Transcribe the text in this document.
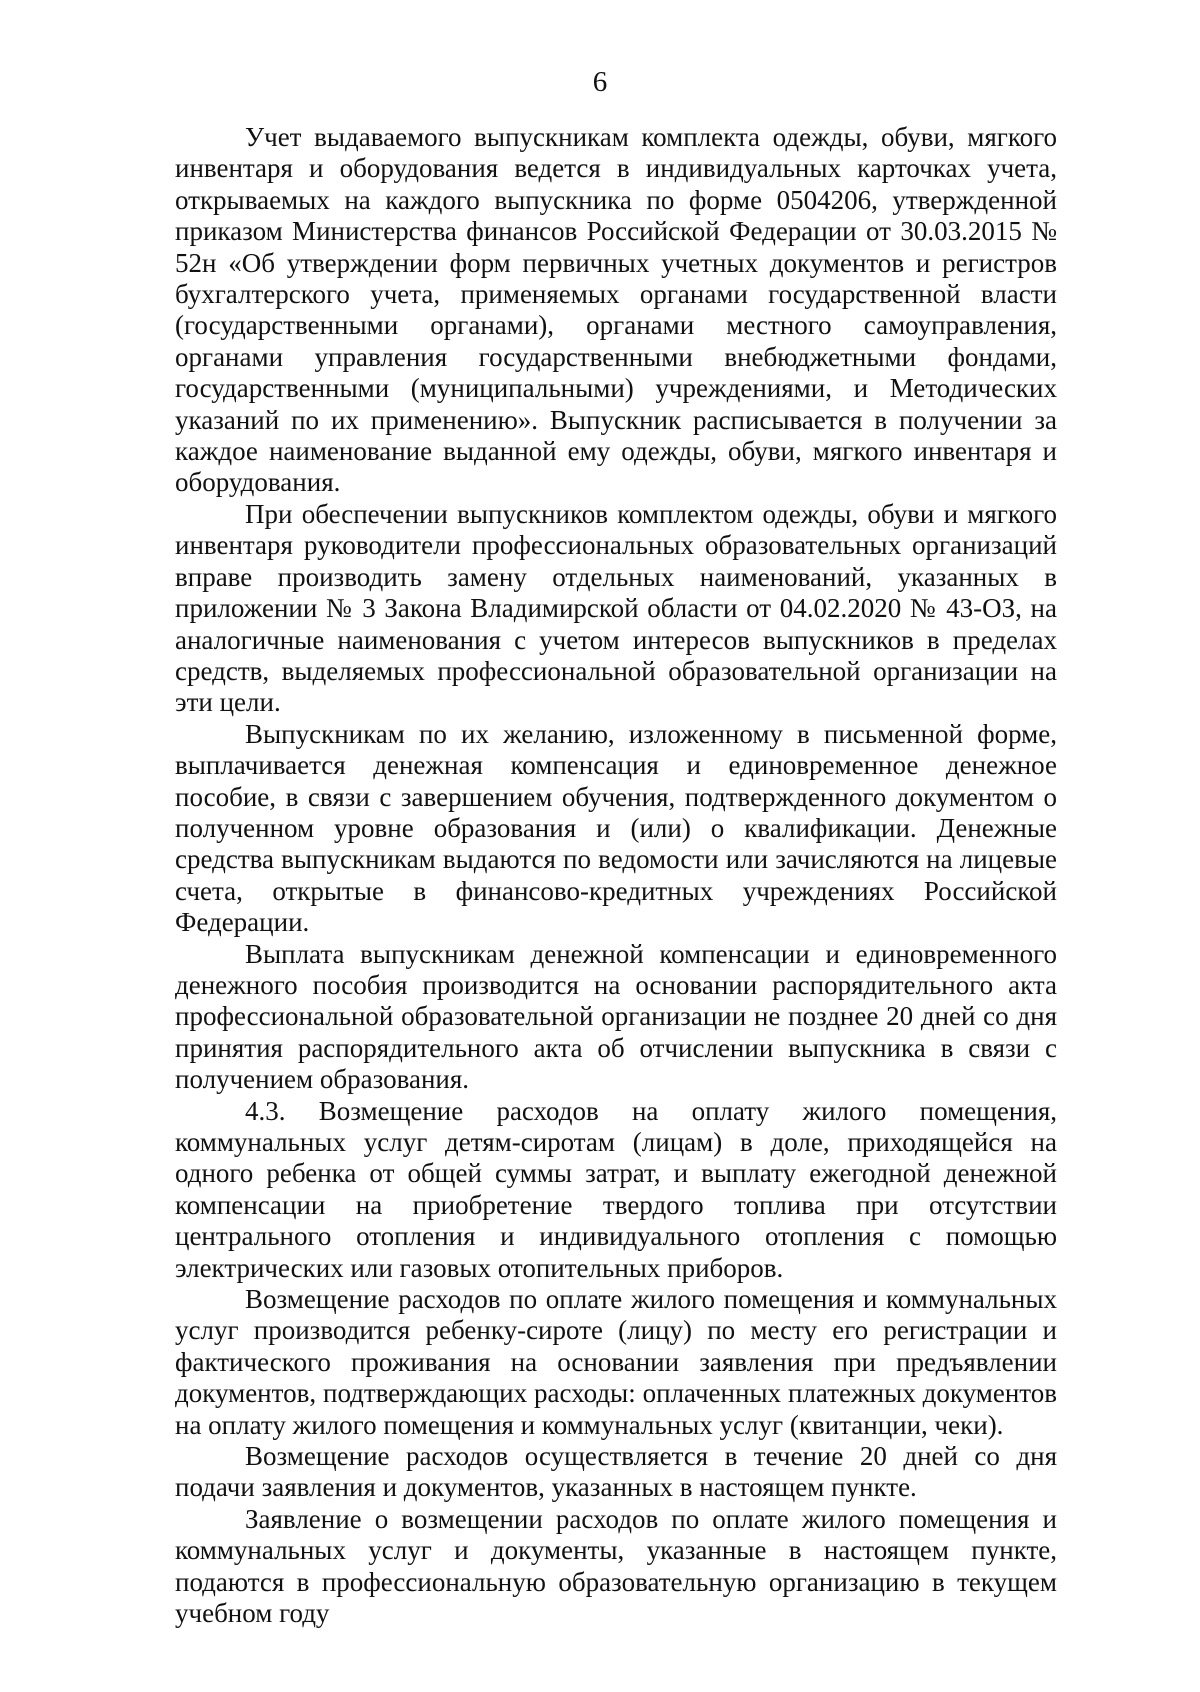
6

Учет выдаваемого выпускникам комплекта одежды, обуви, мягкого инвентаря и оборудования ведется в индивидуальных карточках учета, открываемых на каждого выпускника по форме 0504206, утвержденной приказом Министерства финансов Российской Федерации от 30.03.2015 № 52н «Об утверждении форм первичных учетных документов и регистров бухгалтерского учета, применяемых органами государственной власти (государственными органами), органами местного самоуправления, органами управления государственными внебюджетными фондами, государственными (муниципальными) учреждениями, и Методических указаний по их применению». Выпускник расписывается в получении за каждое наименование выданной ему одежды, обуви, мягкого инвентаря и оборудования.

При обеспечении выпускников комплектом одежды, обуви и мягкого инвентаря руководители профессиональных образовательных организаций вправе производить замену отдельных наименований, указанных в приложении № 3 Закона Владимирской области от 04.02.2020 № 43-ОЗ, на аналогичные наименования с учетом интересов выпускников в пределах средств, выделяемых профессиональной образовательной организации на эти цели.

Выпускникам по их желанию, изложенному в письменной форме, выплачивается денежная компенсация и единовременное денежное пособие, в связи с завершением обучения, подтвержденного документом о полученном уровне образования и (или) о квалификации. Денежные средства выпускникам выдаются по ведомости или зачисляются на лицевые счета, открытые в финансово-кредитных учреждениях Российской Федерации.

Выплата выпускникам денежной компенсации и единовременного денежного пособия производится на основании распорядительного акта профессиональной образовательной организации не позднее 20 дней со дня принятия распорядительного акта об отчислении выпускника в связи с получением образования.

4.3. Возмещение расходов на оплату жилого помещения, коммунальных услуг детям-сиротам (лицам) в доле, приходящейся на одного ребенка от общей суммы затрат, и выплату ежегодной денежной компенсации на приобретение твердого топлива при отсутствии центрального отопления и индивидуального отопления с помощью электрических или газовых отопительных приборов.

Возмещение расходов по оплате жилого помещения и коммунальных услуг производится ребенку-сироте (лицу) по месту его регистрации и фактического проживания на основании заявления при предъявлении документов, подтверждающих расходы: оплаченных платежных документов на оплату жилого помещения и коммунальных услуг (квитанции, чеки).

Возмещение расходов осуществляется в течение 20 дней со дня подачи заявления и документов, указанных в настоящем пункте.

Заявление о возмещении расходов по оплате жилого помещения и коммунальных услуг и документы, указанные в настоящем пункте, подаются в профессиональную образовательную организацию в текущем учебном году
